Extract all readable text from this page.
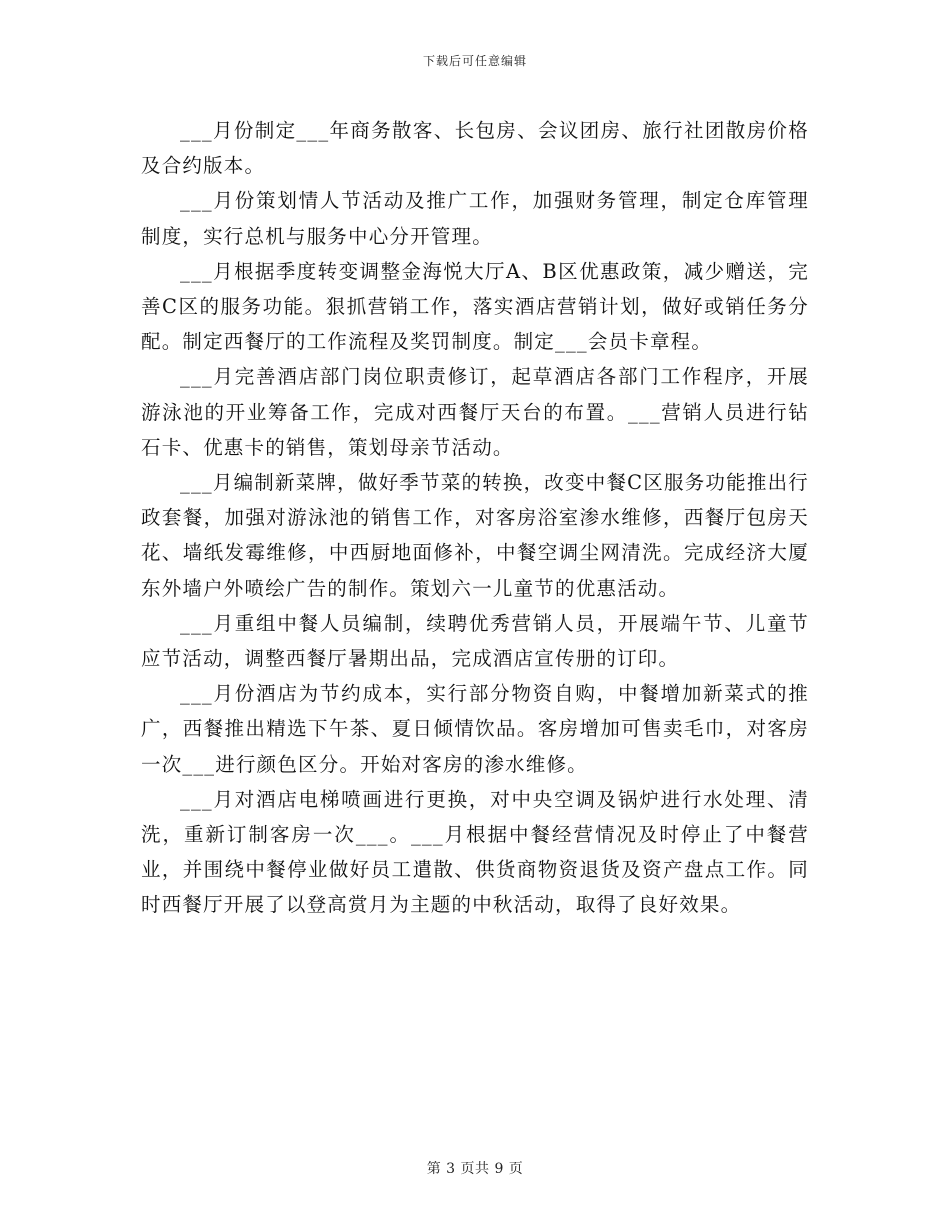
下载后可任意编辑

___月份制定___年商务散客、长包房、会议团房、旅行社团散房价格及合约版本。

___月份策划情人节活动及推广工作，加强财务管理，制定仓库管理制度，实行总机与服务中心分开管理。

___月根据季度转变调整金海悦大厅A、B区优惠政策，减少赠送，完善C区的服务功能。狠抓营销工作，落实酒店营销计划，做好或销任务分配。制定西餐厅的工作流程及奖罚制度。制定___会员卡章程。

___月完善酒店部门岗位职责修订，起草酒店各部门工作程序，开展游泳池的开业筹备工作，完成对西餐厅天台的布置。___营销人员进行钻石卡、优惠卡的销售，策划母亲节活动。

___月编制新菜牌，做好季节菜的转换，改变中餐C区服务功能推出行政套餐，加强对游泳池的销售工作，对客房浴室渗水维修，西餐厅包房天花、墙纸发霉维修，中西厨地面修补，中餐空调尘网清洗。完成经济大厦东外墙户外喷绘广告的制作。策划六一儿童节的优惠活动。

___月重组中餐人员编制，续聘优秀营销人员，开展端午节、儿童节应节活动，调整西餐厅暑期出品，完成酒店宣传册的订印。

___月份酒店为节约成本，实行部分物资自购，中餐增加新菜式的推广，西餐推出精选下午茶、夏日倾情饮品。客房增加可售卖毛巾，对客房一次___进行颜色区分。开始对客房的渗水维修。

___月对酒店电梯喷画进行更换，对中央空调及锅炉进行水处理、清洗，重新订制客房一次___。___月根据中餐经营情况及时停止了中餐营业，并围绕中餐停业做好员工遣散、供货商物资退货及资产盘点工作。同时西餐厅开展了以登高赏月为主题的中秋活动，取得了良好效果。

第 3 页共 9 页
